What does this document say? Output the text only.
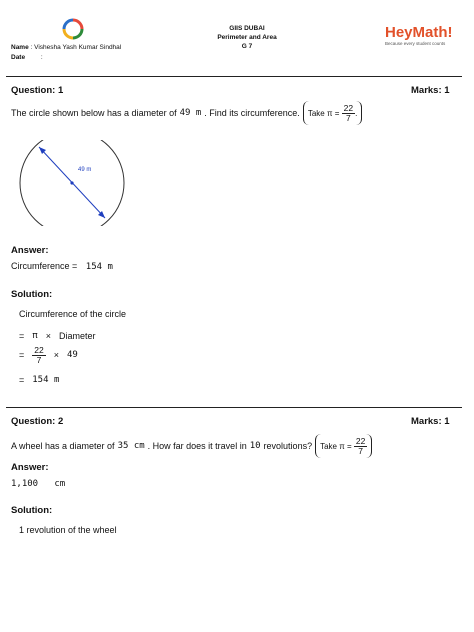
GIIS DUBAI
Perimeter and Area
G 7
Name : Vishesha Yash Kumar Sindhal
Date :
HeyMath!
Because every student counts
Question: 1	Marks: 1
The circle shown below has a diameter of 49 m . Find its circumference. Take
π =
$\frac{22}{7}$ .
49 m
Answer:
Circumference = 154 m
Solution:
Circumference of the circle
= π × Diameter
= $\frac{22}{7} \times 49$
= 154 m
Question: 2	Marks: 1
A wheel has a diameter of 35 cm . How far does it travel in 10 revolutions? Take
π =
$\frac{22}{7}$
Answer:
1,100   cm
Solution:
1 revolution of the wheel
